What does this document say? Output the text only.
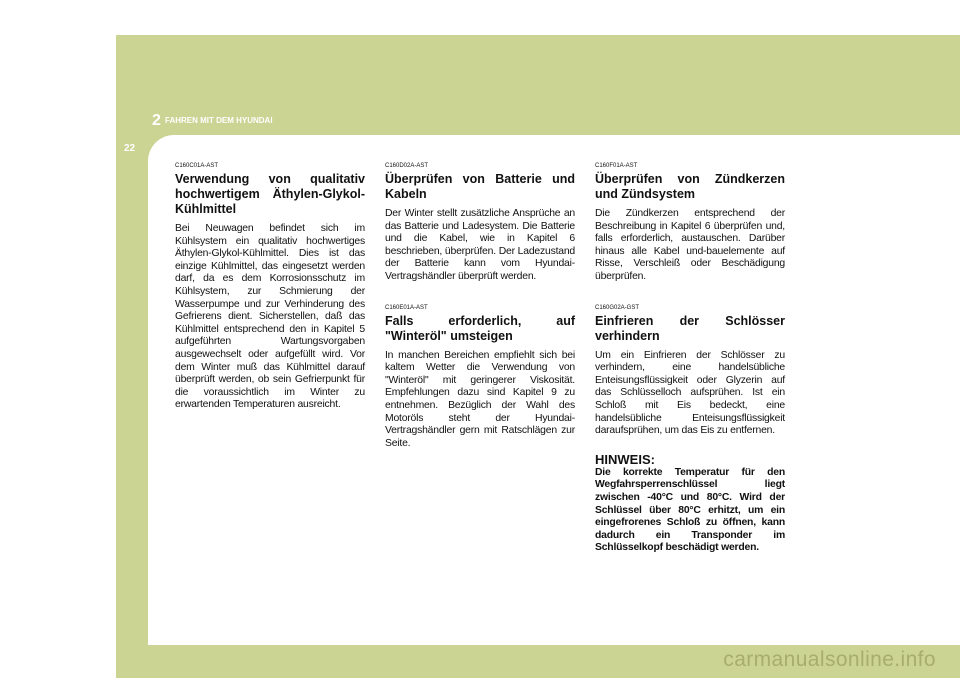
2 FAHREN MIT DEM HYUNDAI
22

C160C01A-AST

Verwendung von qualitativ hochwertigem Äthylen-Glykol-Kühlmittel

Bei Neuwagen befindet sich im Kühlsystem ein qualitativ hochwertiges Äthylen-Glykol-Kühlmittel. Dies ist das einzige Kühlmittel, das eingesetzt werden darf, da es dem Korrosionsschutz im Kühlsystem, zur Schmierung der Wasserpumpe und zur Verhinderung des Gefrierens dient. Sicherstellen, daß das Kühlmittel entsprechend den in Kapitel 5 aufgeführten Wartungsvorgaben ausgewechselt oder aufgefüllt wird. Vor dem Winter muß das Kühlmittel darauf überprüft werden, ob sein Gefrierpunkt für die voraussichtlich im Winter zu erwartenden Temperaturen ausreicht.

C160D02A-AST

Überprüfen von Batterie und Kabeln

Der Winter stellt zusätzliche Ansprüche an das Batterie und Ladesystem. Die Batterie und die Kabel, wie in Kapitel 6 beschrieben, überprüfen. Der Ladezustand der Batterie kann vom Hyundai-Vertragshändler überprüft werden.

C160E01A-AST

Falls erforderlich, auf "Winteröl" umsteigen

In manchen Bereichen empfiehlt sich bei kaltem Wetter die Verwendung von "Winteröl" mit geringerer Viskosität. Empfehlungen dazu sind Kapitel 9 zu entnehmen. Bezüglich der Wahl des Motoröls steht der Hyundai-Vertragshändler gern mit Ratschlägen zur Seite.

C160F01A-AST

Überprüfen von Zündkerzen und Zündsystem

Die Zündkerzen entsprechend der Beschreibung in Kapitel 6 überprüfen und, falls erforderlich, austauschen. Darüber hinaus alle Kabel und-bauelemente auf Risse, Verschleiß oder Beschädigung überprüfen.

C160G02A-GST

Einfrieren der Schlösser verhindern

Um ein Einfrieren der Schlösser zu verhindern, eine handelsübliche Enteisungsflüssigkeit oder Glyzerin auf das Schlüsselloch aufsprühen. Ist ein Schloß mit Eis bedeckt, eine handelsübliche Enteisungsflüssigkeit daraufsprühen, um das Eis zu entfernen.

HINWEIS:

Die korrekte Temperatur für den Wegfahrsperrenschlüssel liegt zwischen -40°C und 80°C. Wird der Schlüssel über 80°C erhitzt, um ein eingefrorenes Schloß zu öffnen, kann dadurch ein Transponder im Schlüsselkopf beschädigt werden.

carmanualsonline.info
